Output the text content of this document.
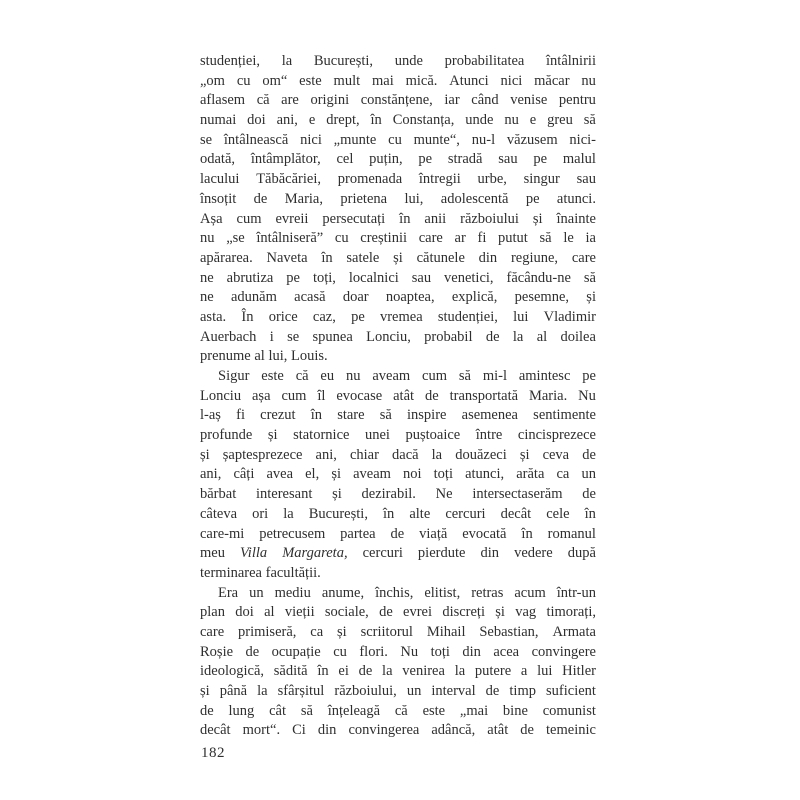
studenției, la București, unde probabilitatea întâlnirii
„om cu om“ este mult mai mică. Atunci nici măcar nu
aflasem că are origini constănțene, iar când venise pentru
numai doi ani, e drept, în Constanța, unde nu e greu să
se întâlnească nici „munte cu munte“, nu-l văzusem nici-
odată, întâmplător, cel puțin, pe stradă sau pe malul
lacului Tăbăcăriei, promenada întregii urbe, singur sau
însoțit de Maria, prietena lui, adolescentă pe atunci.
Așa cum evreii persecutați în anii războiului și înainte
nu „se întâlniseră” cu creștinii care ar fi putut să le ia
apărarea. Naveta în satele și cătunele din regiune, care
ne abrutiza pe toți, localnici sau venetici, făcându-ne să
ne adunăm acasă doar noaptea, explică, pesemne, și
asta. În orice caz, pe vremea studenției, lui Vladimir
Auerbach i se spunea Lonciu, probabil de la al doilea
prenume al lui, Louis.
Sigur este că eu nu aveam cum să mi-l amintesc pe
Lonciu așa cum îl evocase atât de transportată Maria. Nu
l-aș fi crezut în stare să inspire asemenea sentimente
profunde și statornice unei puștoaice între cincisprezece
și șaptesprezece ani, chiar dacă la douăzeci și ceva de
ani, câți avea el, și aveam noi toți atunci, arăta ca un
bărbat interesant și dezirabil. Ne intersectaserăm de
câteva ori la București, în alte cercuri decât cele în
care-mi petrecusem partea de viață evocată în romanul
meu Villa Margareta, cercuri pierdute din vedere după
terminarea facultății.
Era un mediu anume, închis, elitist, retras acum într-un
plan doi al vieții sociale, de evrei discreți și vag timorați,
care primiseră, ca și scriitorul Mihail Sebastian, Armata
Roșie de ocupație cu flori. Nu toți din acea convingere
ideologică, sădită în ei de la venirea la putere a lui Hitler
și până la sfârșitul războiului, un interval de timp suficient
de lung cât să înțeleagă că este „mai bine comunist
decât mort“. Ci din convingerea adâncă, atât de temeinic
182
